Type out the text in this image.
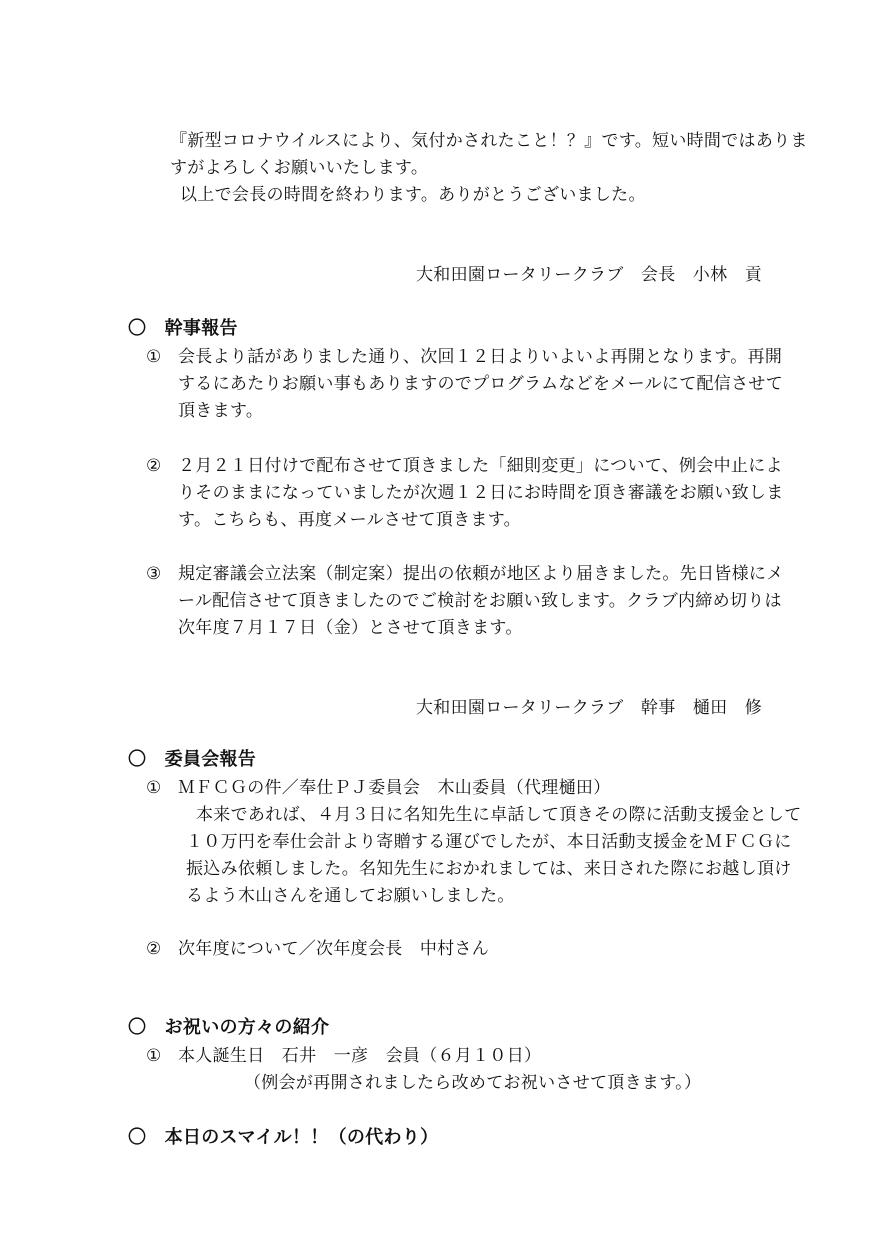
『新型コロナウイルスにより、気付かされたこと！？』です。短い時間ではありま
すがよろしくお願いいたします。
以上で会長の時間を終わります。ありがとうございました。
大和田園ロータリークラブ　会長　小林　貢
〇　幹事報告
① 会長より話がありました通り、次回１２日よりいよいよ再開となります。再開
するにあたりお願い事もありますのでプログラムなどをメールにて配信させて
頂きます。
② ２月２１日付けで配布させて頂きました「細則変更」について、例会中止によ
りそのままになっていましたが次週１２日にお時間を頂き審議をお願い致しま
す。こちらも、再度メールさせて頂きます。
③ 規定審議会立法案（制定案）提出の依頼が地区より届きました。先日皆様にメ
ール配信させて頂きましたのでご検討をお願い致します。クラブ内締め切りは
次年度７月１７日（金）とさせて頂きます。
大和田園ロータリークラブ　幹事　樋田　修
〇　委員会報告
① ＭＦＣＧの件／奉仕ＰＪ委員会　木山委員（代理樋田）
本来であれば、４月３日に名知先生に卓話して頂きその際に活動支援金として
１０万円を奉仕会計より寄贈する運びでしたが、本日活動支援金をＭＦＣＧに
振込み依頼しました。名知先生におかれましては、来日された際にお越し頂け
るよう木山さんを通してお願いしました。
② 次年度について／次年度会長　中村さん
〇　お祝いの方々の紹介
① 本人誕生日　石井　一彦　会員（６月１０日）
（例会が再開されましたら改めてお祝いさせて頂きます。）
〇　本日のスマイル！！（の代わり）
